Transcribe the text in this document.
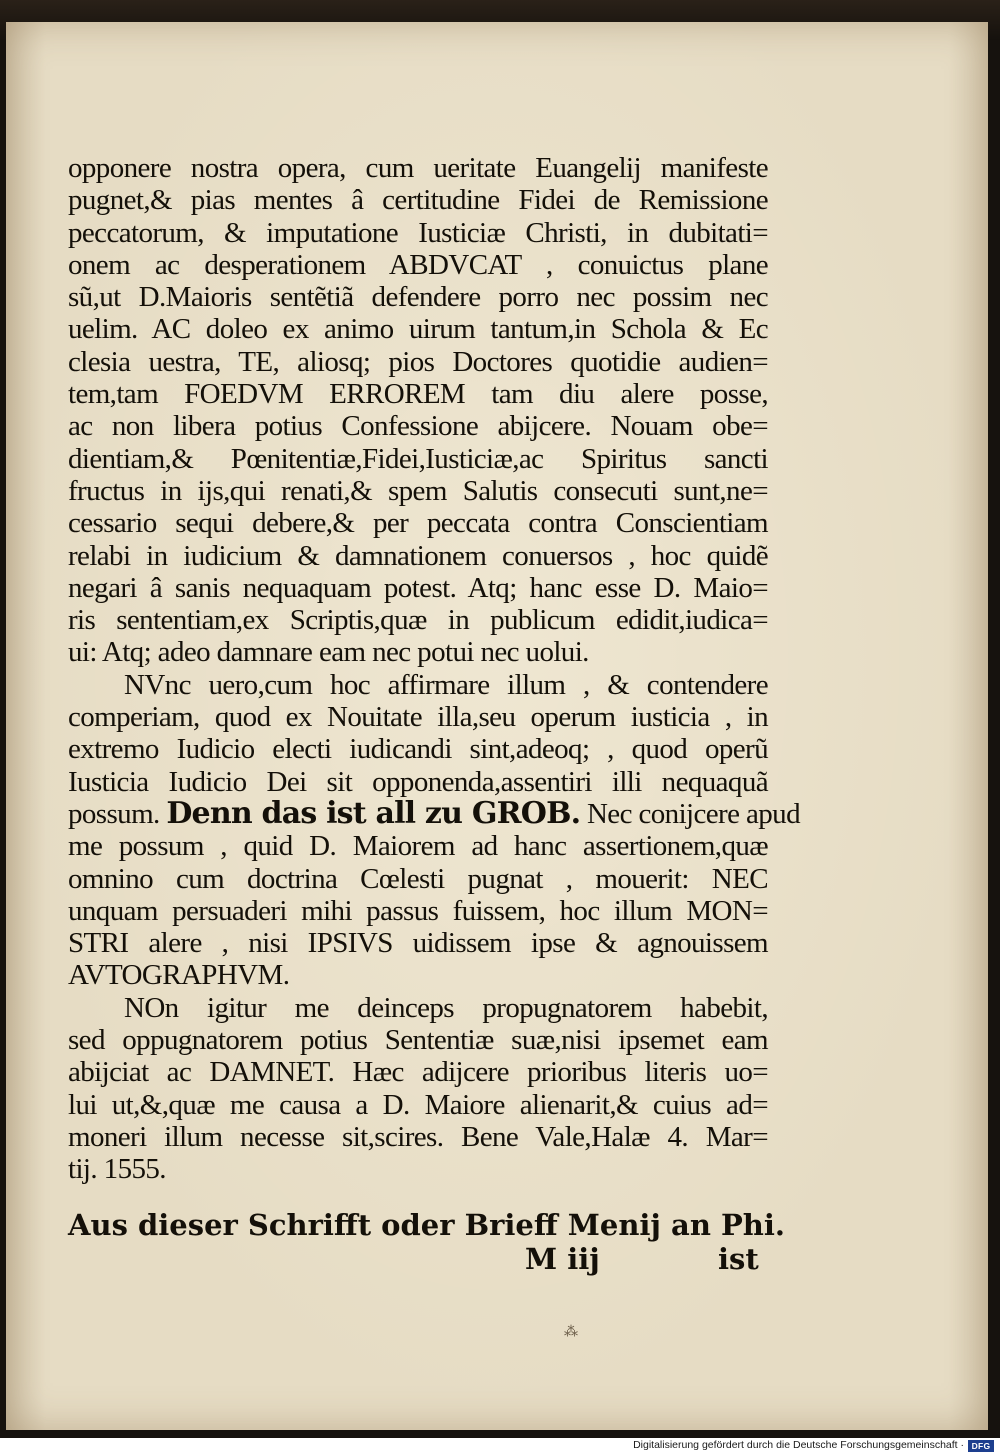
opponere nostra opera, cum ueritate Euangelij manifeste
pugnet,& pias mentes â certitudine Fidei de Remissione
peccatorum, & imputatione Iusticiæ Christi, in dubitati=
onem ac desperationem ABDVCAT , conuictus plane
sũ,ut D.Maioris sentẽtiã defendere porro nec possim nec
uelim. AC doleo ex animo uirum tantum,in Schola & Ec
clesia uestra, TE, aliosq; pios Doctores quotidie audien=
tem,tam FOEDVM ERROREM tam diu alere posse,
ac non libera potius Confessione abijcere. Nouam obe=
dientiam,& Pœnitentiæ,Fidei,Iusticiæ,ac Spiritus sancti
fructus in ijs,qui renati,& spem Salutis consecuti sunt,ne=
cessario sequi debere,& per peccata contra Conscientiam
relabi in iudicium & damnationem conuersos , hoc quidẽ
negari â sanis nequaquam potest. Atq; hanc esse D. Maio=
ris sententiam,ex Scriptis,quæ in publicum edidit,iudica=
ui: Atq; adeo damnare eam nec potui nec uolui.
NVnc uero,cum hoc affirmare illum , & contendere
comperiam, quod ex Nouitate illa,seu operum iusticia , in
extremo Iudicio electi iudicandi sint,adeoq; , quod operũ
Iusticia Iudicio Dei sit opponenda,assentiri illi nequaquã
possum. Denn das ist all zu GROB. Nec conijcere apud
me possum , quid D. Maiorem ad hanc assertionem,quæ
omnino cum doctrina Cœlesti pugnat , mouerit: NEC
unquam persuaderi mihi passus fuissem, hoc illum MON=
STRI alere , nisi IPSIVS uidissem ipse & agnouissem
AVTOGRAPHVM.
NOn igitur me deinceps propugnatorem habebit,
sed oppugnatorem potius Sententiæ suæ,nisi ipsemet eam
abijciat ac DAMNET. Hæc adijcere prioribus literis uo=
lui ut,&,quæ me causa a D. Maiore alienarit,& cuius ad=
moneri illum necesse sit,scires. Bene Vale,Halæ 4. Mar=
tij. 1555.
Aus dieser Schrifft oder Brieff Menij an Phi.
M iij	ist
⁂
Digitalisierung gefördert durch die Deutsche Forschungsgemeinschaft · DFG
